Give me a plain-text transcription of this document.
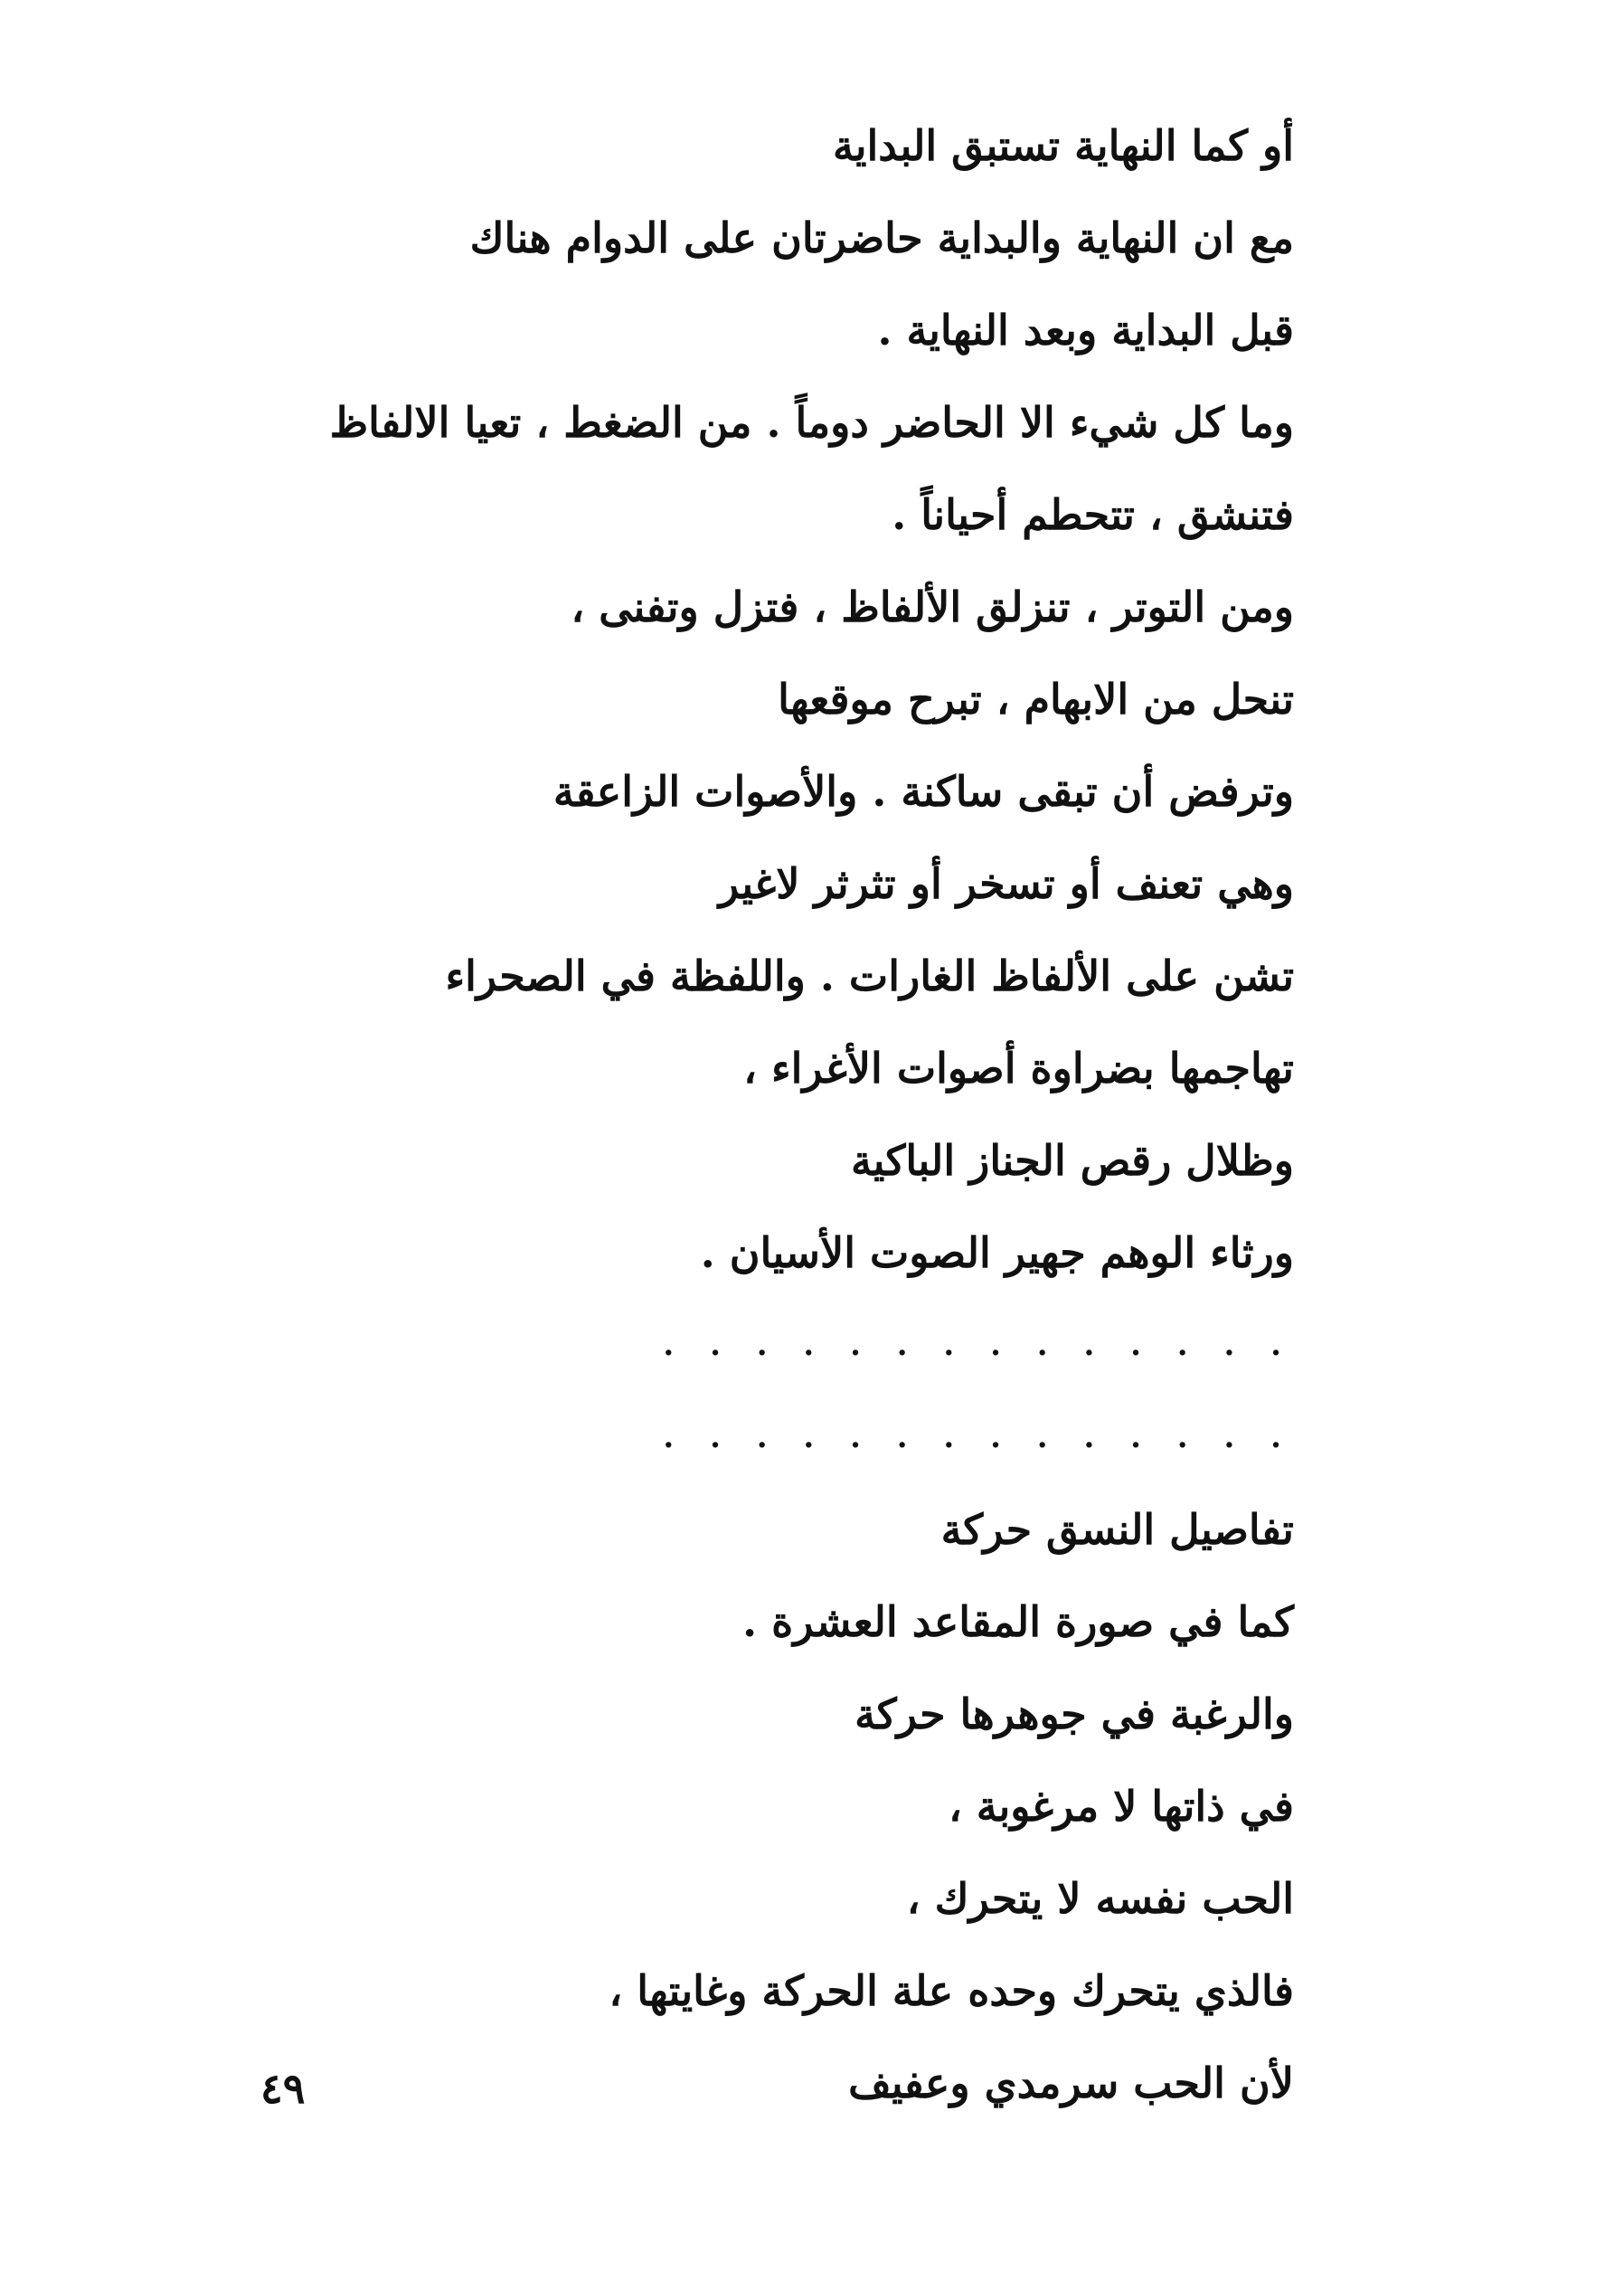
أو كما النهاية تستبق البداية
مع ان النهاية والبداية حاضرتان على الدوام هناك
قبل البداية وبعد النهاية .
وما كل شيء الا الحاضر دوماً . من الضغط ، تعيا الالفاظ
فتنشق ، تتحطم أحياناً .
ومن التوتر ، تنزلق الألفاظ ، فتزل وتفنى ،
تنحل من الابهام ، تبرح موقعها
وترفض أن تبقى ساكنة . والأصوات الزاعقة
وهي تعنف أو تسخر أو تثرثر لاغير
تشن على الألفاظ الغارات . واللفظة في الصحراء
تهاجمها بضراوة أصوات الأغراء ،
وظلال رقص الجناز الباكية
ورثاء الوهم جهير الصوت الأسيان .
. . . . . . . . . . . . . .
. . . . . . . . . . . . . .
تفاصيل النسق حركة
كما في صورة المقاعد العشرة .
والرغبة في جوهرها حركة
في ذاتها لا مرغوبة ،
الحب نفسه لا يتحرك ،
فالذي يتحرك وحده علة الحركة وغايتها ،
لأن الحب سرمدي وعفيف
٤٩
